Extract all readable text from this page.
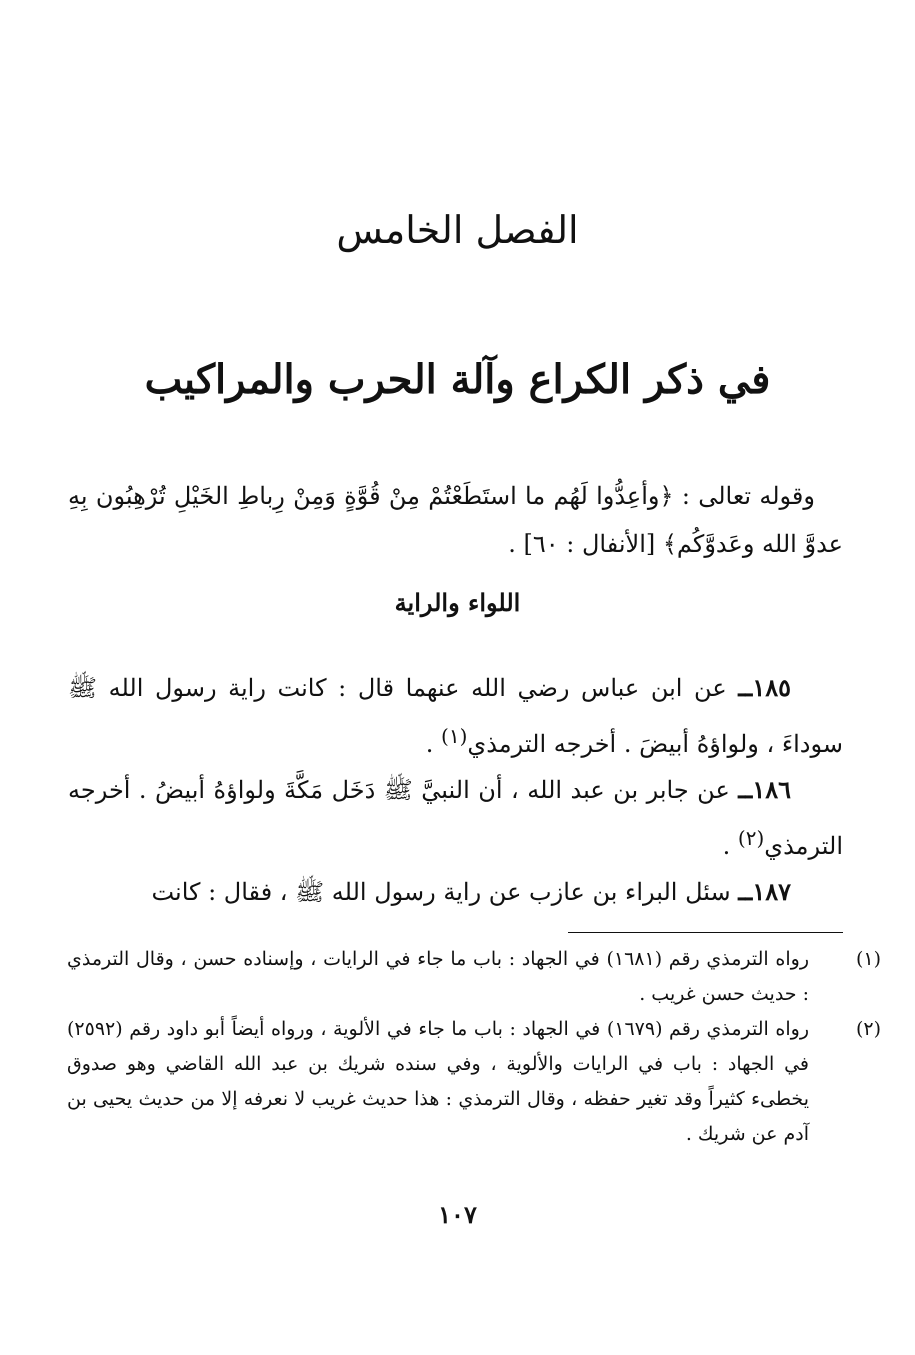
الفصل الخامس
في ذكر الكراع وآلة الحرب والمراكيب

وقوله تعالى : ﴿وأعِدُّوا لَهُم ما استَطَعْتُمْ مِنْ قُوَّةٍ وَمِنْ رِباطِ الخَيْلِ تُرْهِبُون بِهِ عدوَّ الله وعَدوَّكُم﴾ [الأنفال : ٦٠] .

اللواء والراية

١٨٥ــ عن ابن عباس رضي الله عنهما قال : كانت راية رسول الله ﷺ سوداءَ ، ولواؤهُ أبيضَ . أخرجه الترمذي$^{(١)}$ .

١٨٦ــ عن جابر بن عبد الله ، أن النبيَّ ﷺ دَخَل مَكَّةَ ولواؤهُ أبيضُ . أخرجه الترمذي$^{(٢)}$ .

١٨٧ــ سئل البراء بن عازب عن راية رسول الله ﷺ ، فقال : كانت

(١)رواه الترمذي رقم (١٦٨١) في الجهاد : باب ما جاء في الرايات ، وإسناده حسن ، وقال الترمذي : حديث حسن غريب .

(٢)رواه الترمذي رقم (١٦٧٩) في الجهاد : باب ما جاء في الألوية ، ورواه أيضاً أبو داود رقم (٢٥٩٢) في الجهاد : باب في الرايات والألوية ، وفي سنده شريك بن عبد الله القاضي وهو صدوق يخطىء كثيراً وقد تغير حفظه ، وقال الترمذي : هذا حديث غريب لا نعرفه إلا من حديث يحيى بن آدم عن شريك .

١٠٧
